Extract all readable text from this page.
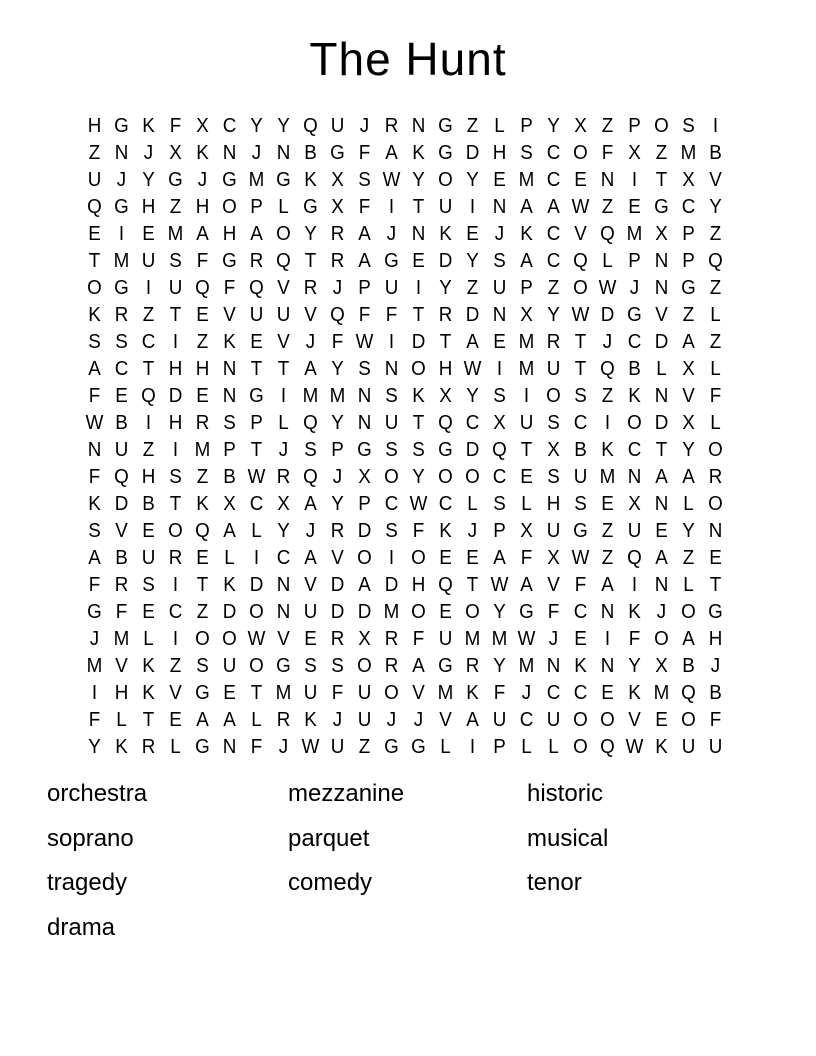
The Hunt
H G K F X C Y Y Q U J R N G Z L P Y X Z P O S I
Z N J X K N J N B G F A K G D H S C O F X Z M B
U J Y G J G M G K X S W Y O Y E M C E N I T X V
Q G H Z H O P L G X F I T U I N A A W Z E G C Y
E I E M A H A O Y R A J N K E J K C V Q M X P Z
T M U S F G R Q T R A G E D Y S A C Q L P N P Q
O G I U Q F Q V R J P U I Y Z U P Z O W J N G Z
K R Z T E V U U V Q F F T R D N X Y W D G V Z L
S S C I Z K E V J F W I D T A E M R T J C D A Z
A C T H H N T T A Y S N O H W I M U T Q B L X L
F E Q D E N G I M M N S K X Y S I O S Z K N V F
W B I H R S P L Q Y N U T Q C X U S C I O D X L
N U Z I M P T J S P G S S G D Q T X B K C T Y O
F Q H S Z B W R Q J X O Y O O C E S U M N A A R
K D B T K X C X A Y P C W C L S L H S E X N L O
S V E O Q A L Y J R D S F K J P X U G Z U E Y N
A B U R E L I C A V O I O E E A F X W Z Q A Z E
F R S I T K D N V D A D H Q T W A V F A I N L T
G F E C Z D O N U D D M O E O Y G F C N K J O G
J M L I O O W V E R X R F U M M W J E I F O A H
M V K Z S U O G S S O R A G R Y M N K N Y X B J
I H K V G E T M U F U O V M K F J C C E K M Q B
F L T E A A L R K J U J J V A U C U O O V E O F
Y K R L G N F J W U Z G G L I P L L O Q W K U U
orchestra
soprano
tragedy
drama
mezzanine
parquet
comedy
historic
musical
tenor
